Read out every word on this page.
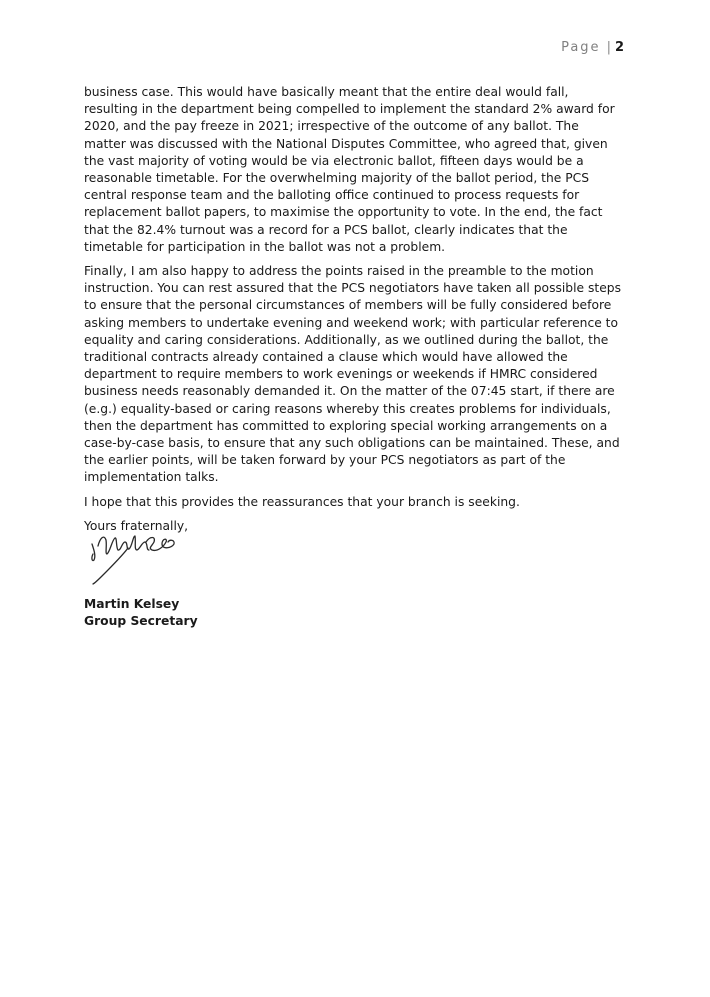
Page | 2

business case. This would have basically meant that the entire deal would fall, resulting in the department being compelled to implement the standard 2% award for 2020, and the pay freeze in 2021; irrespective of the outcome of any ballot. The matter was discussed with the National Disputes Committee, who agreed that, given the vast majority of voting would be via electronic ballot, fifteen days would be a reasonable timetable. For the overwhelming majority of the ballot period, the PCS central response team and the balloting office continued to process requests for replacement ballot papers, to maximise the opportunity to vote. In the end, the fact that the 82.4% turnout was a record for a PCS ballot, clearly indicates that the timetable for participation in the ballot was not a problem.

Finally, I am also happy to address the points raised in the preamble to the motion instruction. You can rest assured that the PCS negotiators have taken all possible steps to ensure that the personal circumstances of members will be fully considered before asking members to undertake evening and weekend work; with particular reference to equality and caring considerations. Additionally, as we outlined during the ballot, the traditional contracts already contained a clause which would have allowed the department to require members to work evenings or weekends if HMRC considered business needs reasonably demanded it. On the matter of the 07:45 start, if there are (e.g.) equality-based or caring reasons whereby this creates problems for individuals, then the department has committed to exploring special working arrangements on a case-by-case basis, to ensure that any such obligations can be maintained. These, and the earlier points, will be taken forward by your PCS negotiators as part of the implementation talks.

I hope that this provides the reassurances that your branch is seeking.

Yours fraternally,

Martin Kelsey
Group Secretary
